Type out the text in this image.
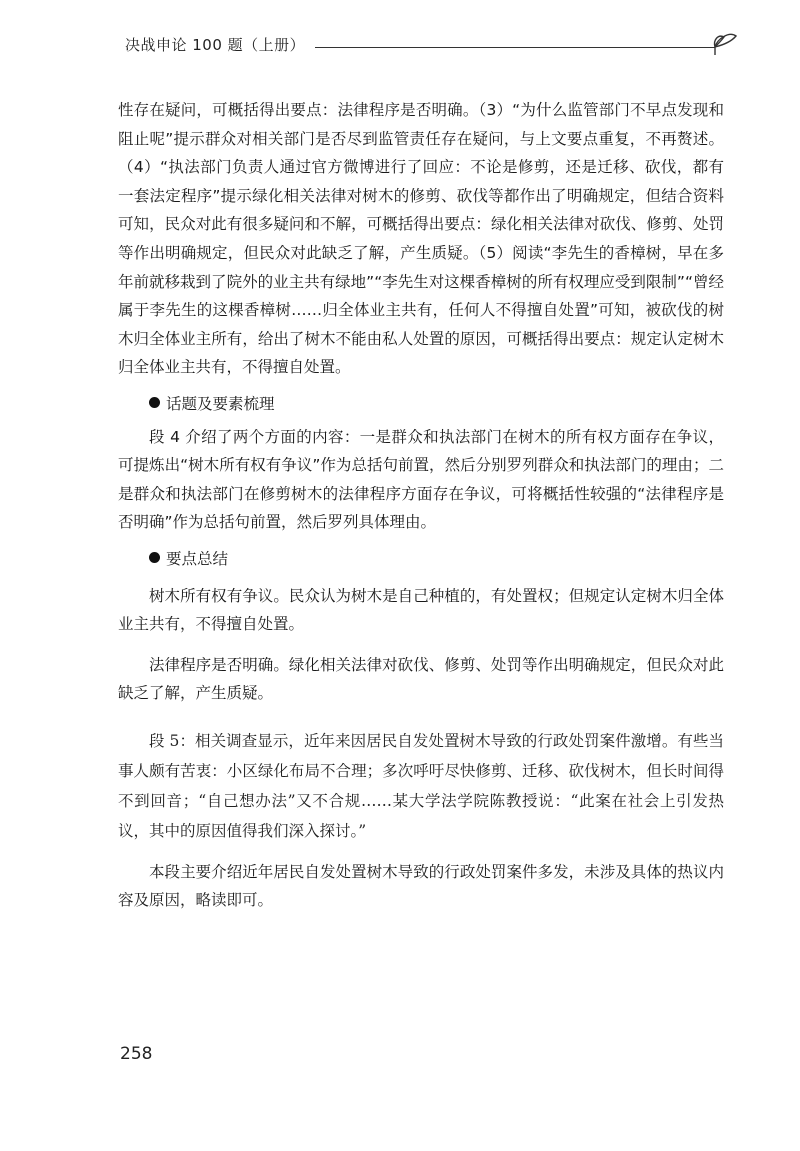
决战申论 100 题（上册）

性存在疑问，可概括得出要点：法律程序是否明确。（3）“为什么监管部门不早点发现和阻止呢”提示群众对相关部门是否尽到监管责任存在疑问，与上文要点重复，不再赘述。（4）“执法部门负责人通过官方微博进行了回应：不论是修剪，还是迁移、砍伐，都有一套法定程序”提示绿化相关法律对树木的修剪、砍伐等都作出了明确规定，但结合资料可知，民众对此有很多疑问和不解，可概括得出要点：绿化相关法律对砍伐、修剪、处罚等作出明确规定，但民众对此缺乏了解，产生质疑。（5）阅读“李先生的香樟树，早在多年前就移栽到了院外的业主共有绿地”“李先生对这棵香樟树的所有权理应受到限制”“曾经属于李先生的这棵香樟树……归全体业主共有，任何人不得擅自处置”可知，被砍伐的树木归全体业主所有，给出了树木不能由私人处置的原因，可概括得出要点：规定认定树木归全体业主共有，不得擅自处置。

话题及要素梳理

段 4 介绍了两个方面的内容：一是群众和执法部门在树木的所有权方面存在争议，可提炼出“树木所有权有争议”作为总括句前置，然后分别罗列群众和执法部门的理由；二是群众和执法部门在修剪树木的法律程序方面存在争议，可将概括性较强的“法律程序是否明确”作为总括句前置，然后罗列具体理由。

要点总结

树木所有权有争议。民众认为树木是自己种植的，有处置权；但规定认定树木归全体业主共有，不得擅自处置。

法律程序是否明确。绿化相关法律对砍伐、修剪、处罚等作出明确规定，但民众对此缺乏了解，产生质疑。

段 5：相关调查显示，近年来因居民自发处置树木导致的行政处罚案件激增。有些当事人颇有苦衷：小区绿化布局不合理；多次呼吁尽快修剪、迁移、砍伐树木，但长时间得不到回音；“自己想办法”又不合规……某大学法学院陈教授说：“此案在社会上引发热议，其中的原因值得我们深入探讨。”

本段主要介绍近年居民自发处置树木导致的行政处罚案件多发，未涉及具体的热议内容及原因，略读即可。

258
